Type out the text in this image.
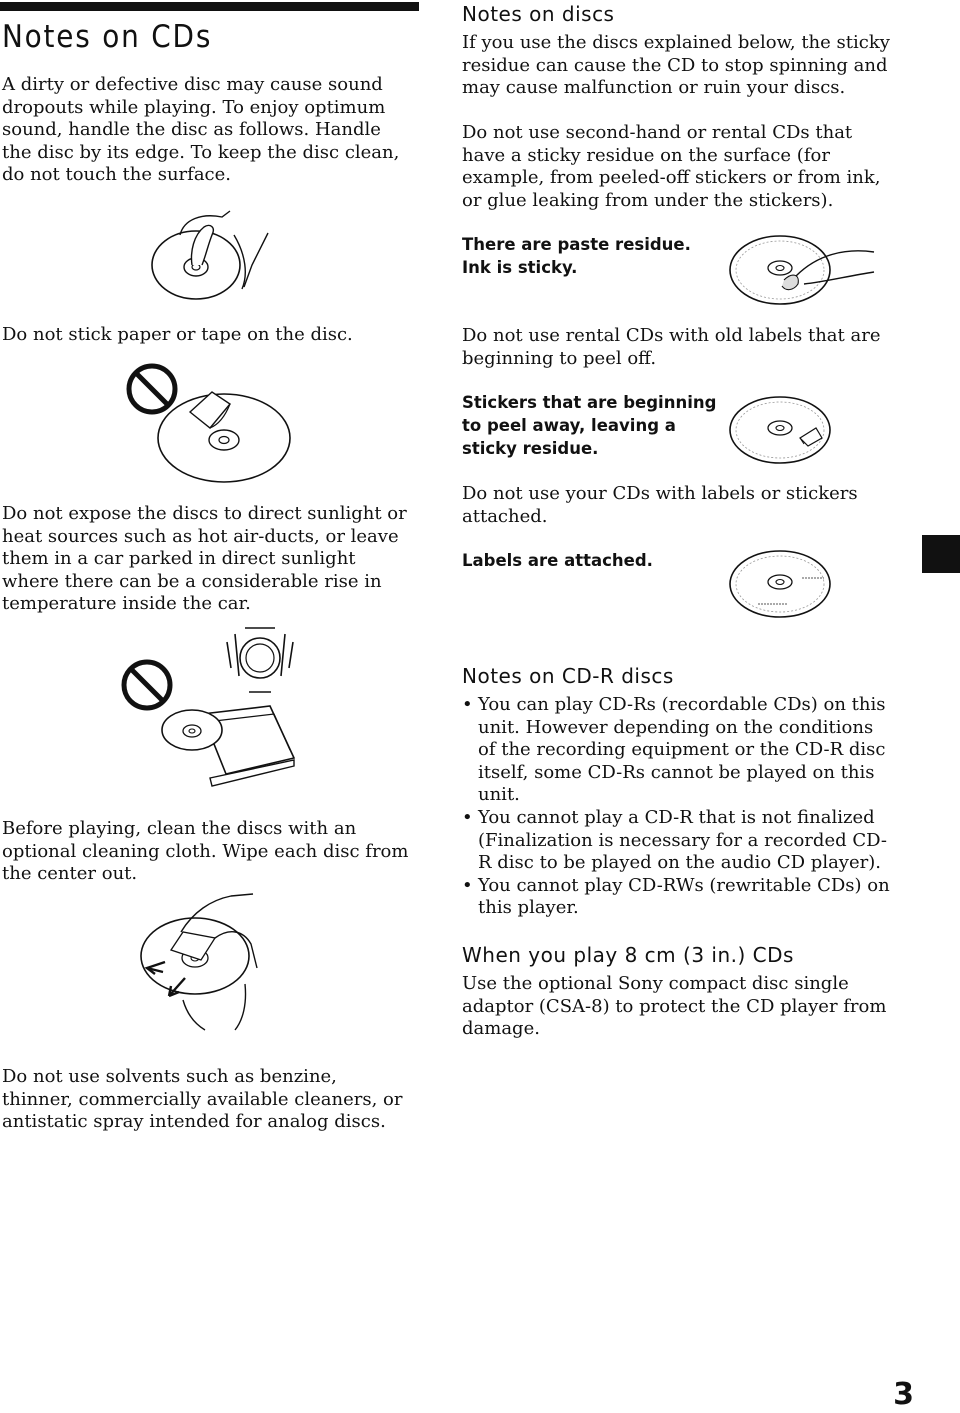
Notes on CDs

A dirty or defective disc may cause sound dropouts while playing. To enjoy optimum sound, handle the disc as follows. Handle the disc by its edge. To keep the disc clean, do not touch the surface.

Do not stick paper or tape on the disc.

Do not expose the discs to direct sunlight or heat sources such as hot air-ducts, or leave them in a car parked in direct sunlight where there can be a considerable rise in temperature inside the car.

Before playing, clean the discs with an optional cleaning cloth. Wipe each disc from the center out.

Do not use solvents such as benzine, thinner, commercially available cleaners, or antistatic spray intended for analog discs.

Notes on discs

If you use the discs explained below, the sticky residue can cause the CD to stop spinning and may cause malfunction or ruin your discs.

Do not use second-hand or rental CDs that have a sticky residue on the surface (for example, from peeled-off stickers or from ink, or glue leaking from under the stickers).

There are paste residue.

Ink is sticky.

Do not use rental CDs with old labels that are beginning to peel off.

Stickers that are beginning

to peel away, leaving a

sticky residue.

Do not use your CDs with labels or stickers attached.

Labels are attached.

Notes on CD-R discs
• You can play CD-Rs (recordable CDs) on this unit. However depending on the conditions of the recording equipment or the CD-R disc itself, some CD-Rs cannot be played on this unit.
• You cannot play a CD-R that is not finalized (Finalization is necessary for a recorded CD-R disc to be played on the audio CD player).
• You cannot play CD-RWs (rewritable CDs) on this player.
When you play 8 cm (3 in.) CDs

Use the optional Sony compact disc single adaptor (CSA-8) to protect the CD player from damage.

3
